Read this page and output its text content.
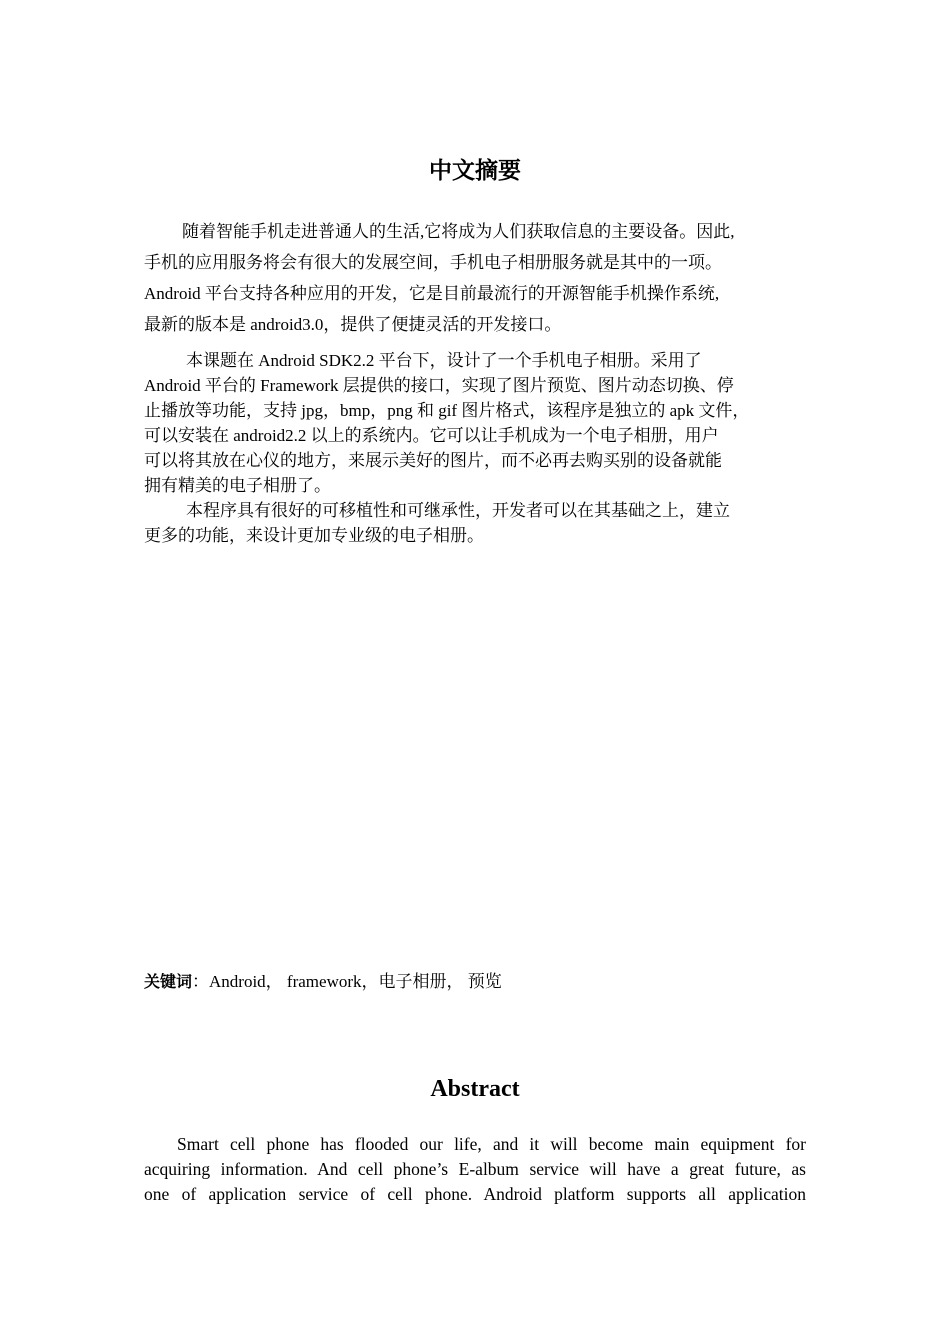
中文摘要
随着智能手机走进普通人的生活,它将成为人们获取信息的主要设备。因此,
手机的应用服务将会有很大的发展空间，手机电子相册服务就是其中的一项。
Android 平台支持各种应用的开发，它是目前最流行的开源智能手机操作系统,
最新的版本是 android3.0，提供了便捷灵活的开发接口。
本课题在 Android SDK2.2 平台下，设计了一个手机电子相册。采用了
Android 平台的 Framework 层提供的接口，实现了图片预览、图片动态切换、停
止播放等功能，支持 jpg，bmp，png 和 gif 图片格式，该程序是独立的 apk 文件，
可以安装在 android2.2 以上的系统内。它可以让手机成为一个电子相册，用户
可以将其放在心仪的地方，来展示美好的图片，而不必再去购买别的设备就能
拥有精美的电子相册了。
本程序具有很好的可移植性和可继承性，开发者可以在其基础之上，建立
更多的功能，来设计更加专业级的电子相册。

关键词：Android， framework，电子相册， 预览

Abstract
Smart cell phone has flooded our life, and it will become main equipment for
acquiring information. And cell phone’s E-album service will have a great future, as
one of application service of cell phone. Android platform supports all application
